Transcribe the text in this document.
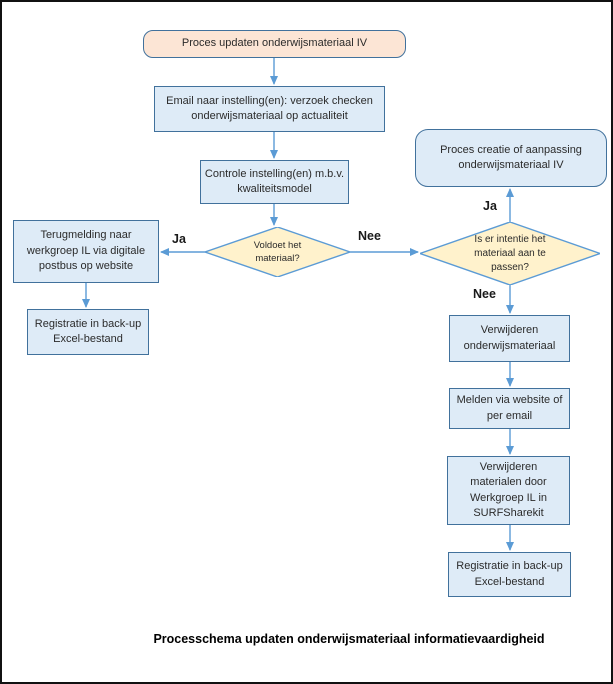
Proces updaten onderwijsmateriaal IV
Email naar instelling(en): verzoek checken onderwijsmateriaal op actualiteit
Controle instelling(en) m.b.v. kwaliteitsmodel
Voldoet het materiaal?
Terugmelding naar werkgroep IL via digitale postbus op website
Registratie in back-up Excel-bestand
Proces creatie of aanpassing onderwijsmateriaal IV
Is er intentie het materiaal aan te passen?
Verwijderen onderwijsmateriaal
Melden via website of per email
Verwijderen materialen door Werkgroep IL in SURFSharekit
Registratie in back-up Excel-bestand
Ja	Nee
Ja
Nee
Processchema updaten onderwijsmateriaal informatievaardigheid
